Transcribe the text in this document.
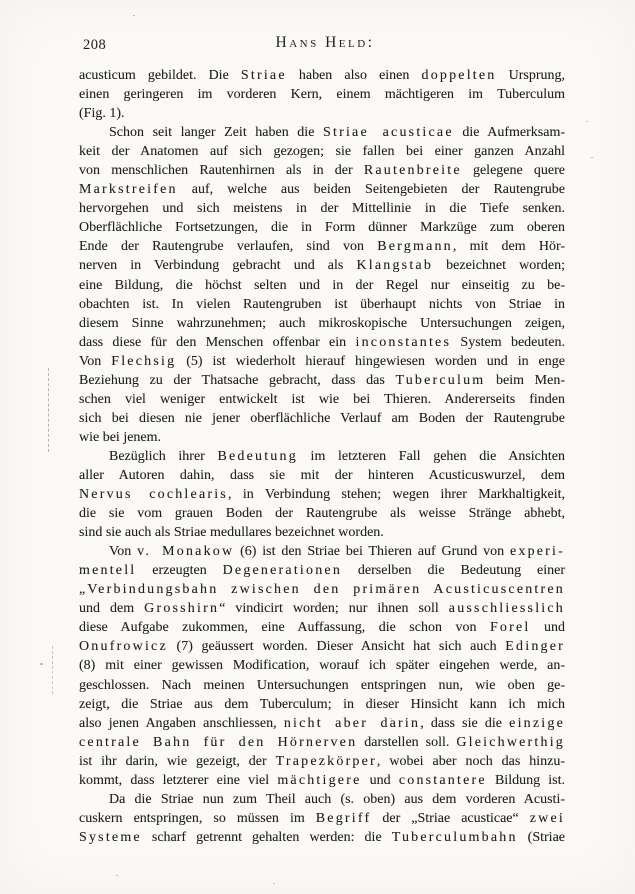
208	Hans Held:
acusticum gebildet. Die Striae haben also einen doppelten Ursprung,
einen geringeren im vorderen Kern, einem mächtigeren im Tuberculum
(Fig. 1).
Schon seit langer Zeit haben die Striae acusticae die Aufmerksam-
keit der Anatomen auf sich gezogen; sie fallen bei einer ganzen Anzahl
von menschlichen Rautenhirnen als in der Rautenbreite gelegene quere
Markstreifen auf, welche aus beiden Seitengebieten der Rautengrube
hervorgehen und sich meistens in der Mittellinie in die Tiefe senken.
Oberflächliche Fortsetzungen, die in Form dünner Markzüge zum oberen
Ende der Rautengrube verlaufen, sind von Bergmann, mit dem Hör-
nerven in Verbindung gebracht und als Klangstab bezeichnet worden;
eine Bildung, die höchst selten und in der Regel nur einseitig zu be-
obachten ist. In vielen Rautengruben ist überhaupt nichts von Striae in
diesem Sinne wahrzunehmen; auch mikroskopische Untersuchungen zeigen,
dass diese für den Menschen offenbar ein inconstantes System bedeuten.
Von Flechsig (5) ist wiederholt hierauf hingewiesen worden und in enge
Beziehung zu der Thatsache gebracht, dass das Tuberculum beim Men-
schen viel weniger entwickelt ist wie bei Thieren. Andererseits finden
sich bei diesen nie jener oberflächliche Verlauf am Boden der Rautengrube
wie bei jenem.
Bezüglich ihrer Bedeutung im letzteren Fall gehen die Ansichten
aller Autoren dahin, dass sie mit der hinteren Acusticuswurzel, dem
Nervus cochlearis, in Verbindung stehen; wegen ihrer Markhaltigkeit,
die sie vom grauen Boden der Rautengrube als weisse Stränge abhebt,
sind sie auch als Striae medullares bezeichnet worden.
Von v. Monakow (6) ist den Striae bei Thieren auf Grund von experi-
mentell erzeugten Degenerationen derselben die Bedeutung einer
„Verbindungsbahn zwischen den primären Acusticuscentren
und dem Grosshirn“ vindicirt worden; nur ihnen soll ausschliesslich
diese Aufgabe zukommen, eine Auffassung, die schon von Forel und
Onufrowicz (7) geäussert worden. Dieser Ansicht hat sich auch Edinger
(8) mit einer gewissen Modification, worauf ich später eingehen werde, an-
geschlossen. Nach meinen Untersuchungen entspringen nun, wie oben ge-
zeigt, die Striae aus dem Tuberculum; in dieser Hinsicht kann ich mich
also jenen Angaben anschliessen, nicht aber darin, dass sie die einzige
centrale Bahn für den Hörnerven darstellen soll. Gleichwerthig
ist ihr darin, wie gezeigt, der Trapezkörper, wobei aber noch das hinzu-
kommt, dass letzterer eine viel mächtigere und constantere Bildung ist.
Da die Striae nun zum Theil auch (s. oben) aus dem vorderen Acusti-
cuskern entspringen, so müssen im Begriff der „Striae acusticae“ zwei
Systeme scharf getrennt gehalten werden: die Tuberculumbahn (Striae
